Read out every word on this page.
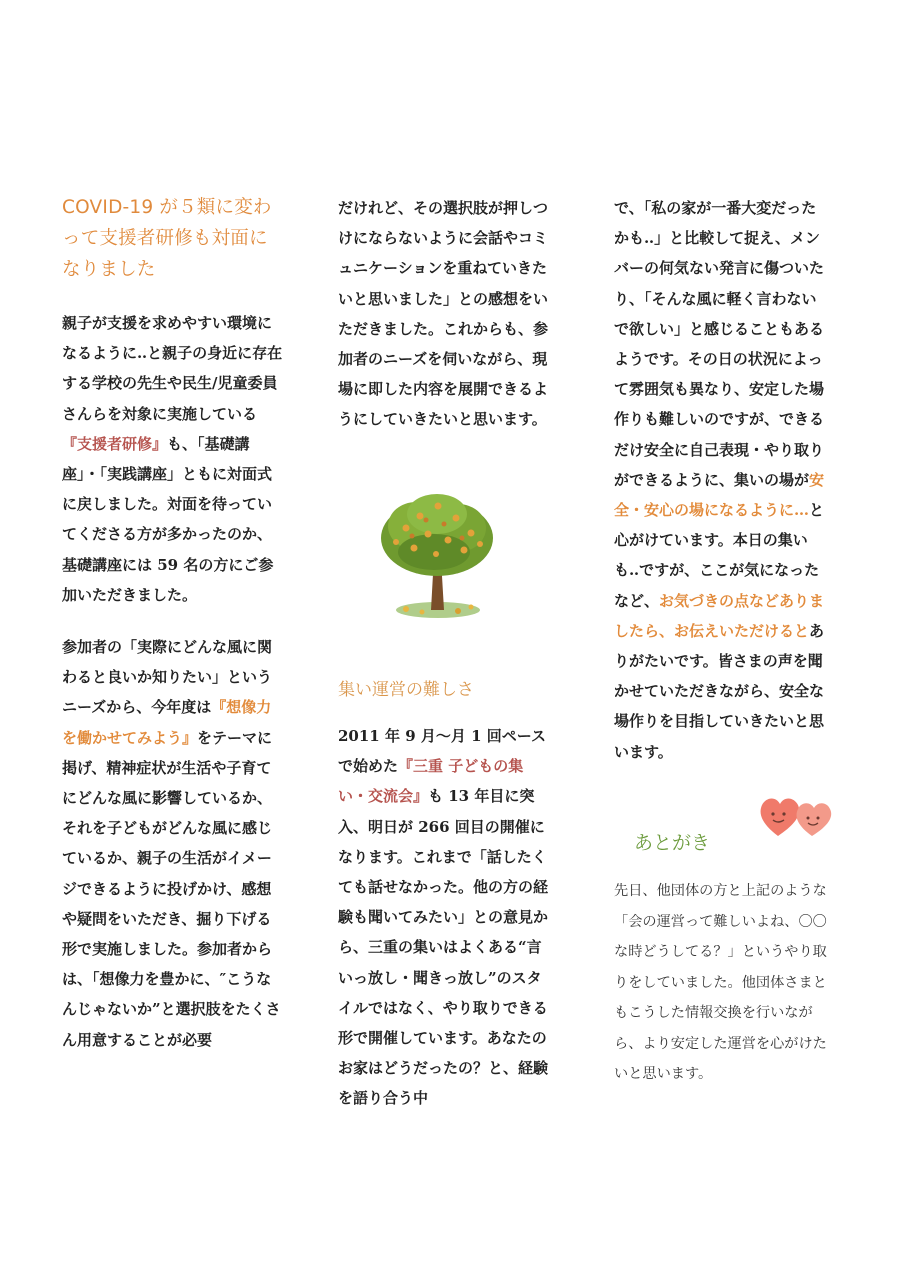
COVID-19 が５類に変わ
って支援者研修も対面に
なりました

親子が支援を求めやすい環境になるように‥と親子の身近に存在する学校の先生や民生/児童委員さんらを対象に実施している『支援者研修』も、「基礎講座」・「実践講座」ともに対面式に戻しました。対面を待っていてくださる方が多かったのか、基礎講座には 59 名の方にご参加いただきました。

参加者の「実際にどんな風に関わると良いか知りたい」というニーズから、今年度は『想像力を働かせてみよう』をテーマに掲げ、精神症状が生活や子育てにどんな風に影響しているか、それを子どもがどんな風に感じているか、親子の生活がイメージできるように投げかけ、感想や疑問をいただき、掘り下げる形で実施しました。参加者からは、「想像力を豊かに、″こうなんじゃないか”と選択肢をたくさん用意することが必要

だけれど、その選択肢が押しつけにならないように会話やコミュニケーションを重ねていきたいと思いました」との感想をいただきました。これからも、参加者のニーズを伺いながら、現場に即した内容を展開できるようにしていきたいと思います。

集い運営の難しさ

2011 年 9 月～月 1 回ペースで始めた『三重 子どもの集い・交流会』も 13 年目に突入、明日が 266 回目の開催になります。これまで「話したくても話せなかった。他の方の経験も聞いてみたい」との意見から、三重の集いはよくある“言いっ放し・聞きっ放し”のスタイルではなく、やり取りできる形で開催しています。あなたのお家はどうだったの？と、経験を語り合う中

で、「私の家が一番大変だったかも‥」と比較して捉え、メンバーの何気ない発言に傷ついたり、「そんな風に軽く言わないで欲しい」と感じることもあるようです。その日の状況によって雰囲気も異なり、安定した場作りも難しいのですが、できるだけ安全に自己表現・やり取りができるように、集いの場が安全・安心の場になるように…と心がけています。本日の集いも‥ですが、ここが気になったなど、お気づきの点などありましたら、お伝えいただけるとありがたいです。皆さまの声を聞かせていただきながら、安全な場作りを目指していきたいと思います。

あとがき

先日、他団体の方と上記のような「会の運営って難しいよね、〇〇な時どうしてる？」というやり取りをしていました。他団体さまともこうした情報交換を行いながら、より安定した運営を心がけたいと思います。
